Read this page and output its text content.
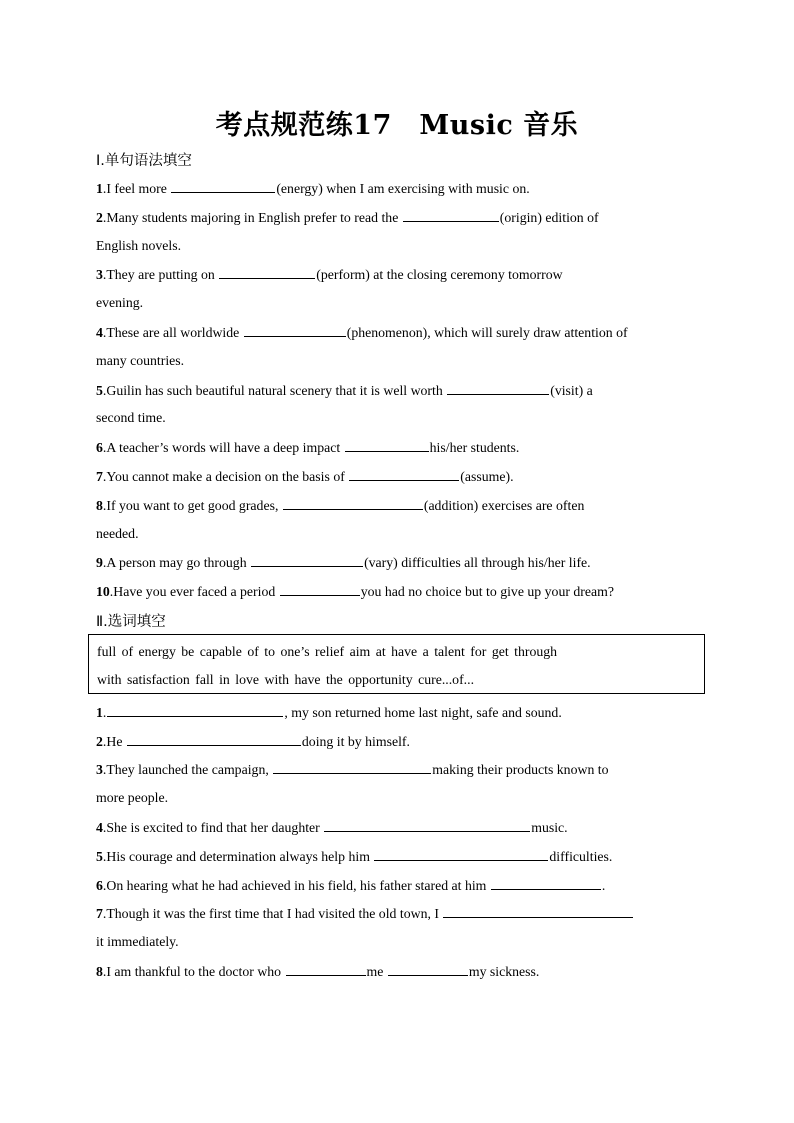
考点规范练17　Music 音乐
Ⅰ.单句语法填空
1.I feel more	(energy) when I am exercising with music on.
2.Many students majoring in English prefer to read the	(origin) edition of
English novels.
3.They are putting on	(perform) at the closing ceremony tomorrow
evening.
4.These are all worldwide	(phenomenon), which will surely draw attention of
many countries.
5.Guilin has such beautiful natural scenery that it is well worth	(visit) a
second time.
6.A teacher’s words will have a deep impact	his/her students.
7.You cannot make a decision on the basis of	(assume).
8.If you want to get good grades,	(addition) exercises are often
needed.
9.A person may go through	(vary) difficulties all through his/her life.
10.Have you ever faced a period	you had no choice but to give up your dream?
Ⅱ.选词填空
full of energy be capable of to one’s relief aim at have a talent for get through
with satisfaction fall in love with have the opportunity cure...of...
1.	, my son returned home last night, safe and sound.
2.He	doing it by himself.
3.They launched the campaign,	making their products known to
more people.
4.She is excited to find that her daughter	music.
5.His courage and determination always help him	difficulties.
6.On hearing what he had achieved in his field, his father stared at him	.
7.Though it was the first time that I had visited the old town, I
it immediately.
8.I am thankful to the doctor who	me	my sickness.
